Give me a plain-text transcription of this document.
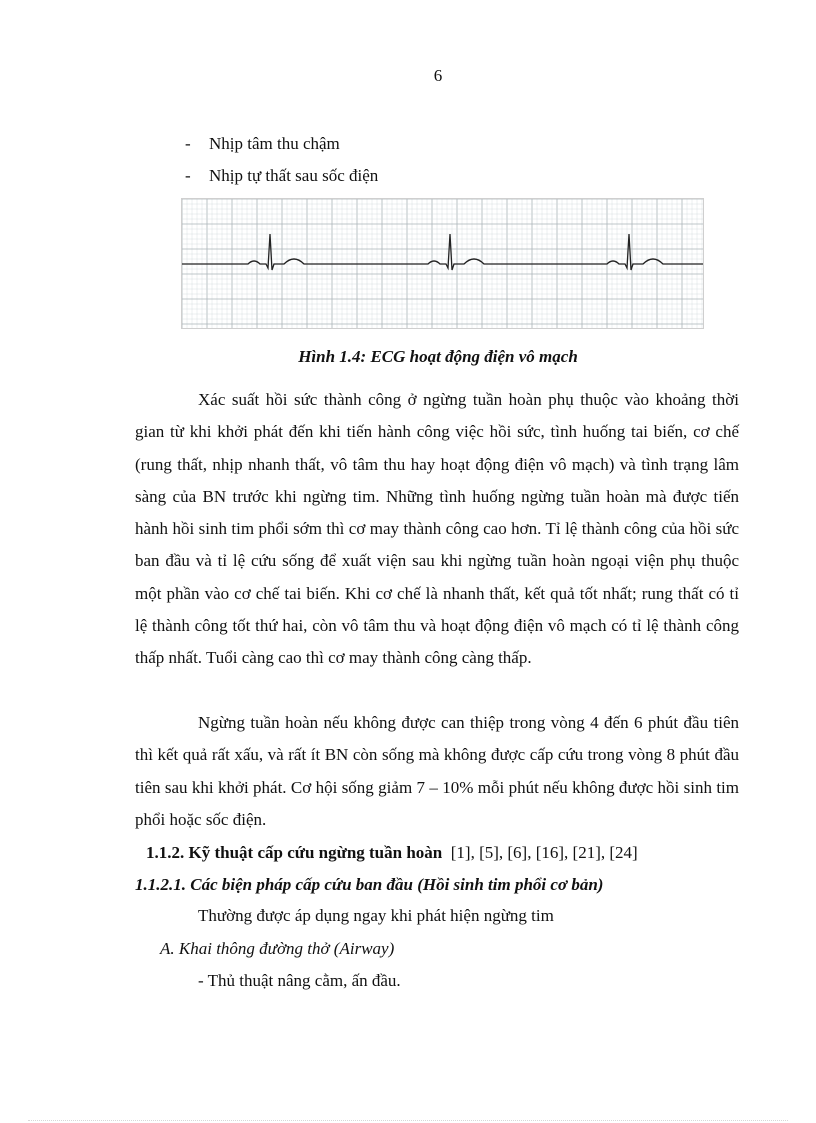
6
- Nhịp tâm thu chậm
- Nhịp tự thất sau sốc điện
Hình 1.4: ECG hoạt động điện vô mạch

Xác suất hồi sức thành công ở ngừng tuần hoàn phụ thuộc vào khoảng thời gian từ khi khởi phát đến khi tiến hành công việc hồi sức, tình huống tai biến, cơ chế (rung thất, nhịp nhanh thất, vô tâm thu hay hoạt động điện vô mạch) và tình trạng lâm sàng của BN trước khi ngừng tim. Những tình huống ngừng tuần hoàn mà được tiến hành hồi sinh tim phổi sớm thì cơ may thành công cao hơn. Tỉ lệ thành công của hồi sức ban đầu và tỉ lệ cứu sống để xuất viện sau khi ngừng tuần hoàn ngoại viện phụ thuộc một phần vào cơ chế tai biến. Khi cơ chế là nhanh thất, kết quả tốt nhất; rung thất có tỉ lệ thành công tốt thứ hai, còn vô tâm thu và hoạt động điện vô mạch có tỉ lệ thành công thấp nhất. Tuổi càng cao thì cơ may thành công càng thấp.

Ngừng tuần hoàn nếu không được can thiệp trong vòng 4 đến 6 phút đầu tiên thì kết quả rất xấu, và rất ít BN còn sống mà không được cấp cứu trong vòng 8 phút đầu tiên sau khi khởi phát. Cơ hội sống giảm 7 – 10% mỗi phút nếu không được hồi sinh tim phổi hoặc sốc điện.

1.1.2. Kỹ thuật cấp cứu ngừng tuần hoàn [1], [5], [6], [16], [21], [24]
1.1.2.1. Các biện pháp cấp cứu ban đầu (Hồi sinh tim phổi cơ bản)
Thường được áp dụng ngay khi phát hiện ngừng tim
A. Khai thông đường thở (Airway)
- Thủ thuật nâng cằm, ấn đầu.
